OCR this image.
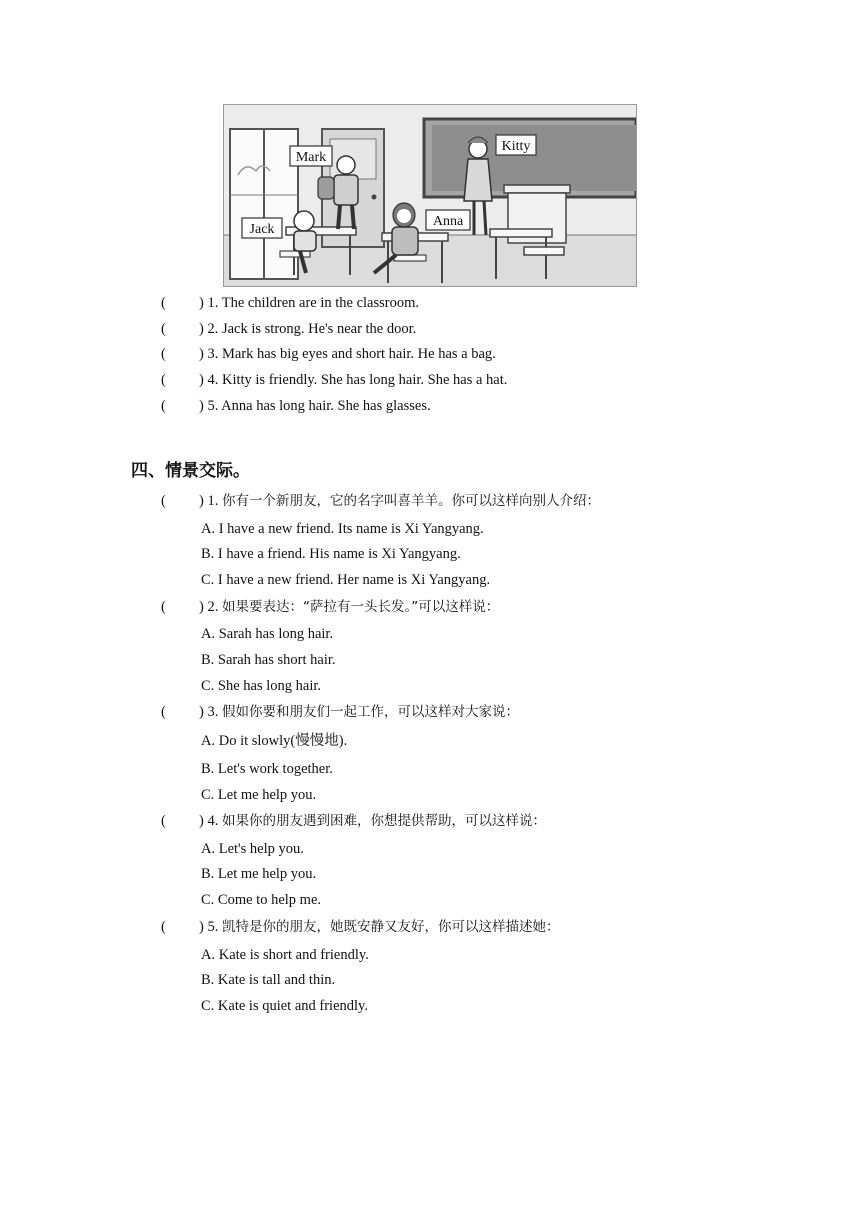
Mark
Kitty
Jack
Anna
( ) 1. The children are in the classroom.
( ) 2. Jack is strong. He's near the door.
( ) 3. Mark has big eyes and short hair. He has a bag.
( ) 4. Kitty is friendly. She has long hair. She has a hat.
( ) 5. Anna has long hair. She has glasses.
四、情景交际。
( ) 1. 你有一个新朋友，它的名字叫喜羊羊。你可以这样向别人介绍：
A. I have a new friend. Its name is Xi Yangyang.
B. I have a friend. His name is Xi Yangyang.
C. I have a new friend. Her name is Xi Yangyang.
( ) 2. 如果要表达：“萨拉有一头长发。”可以这样说：
A. Sarah has long hair.
B. Sarah has short hair.
C. She has long hair.
( ) 3. 假如你要和朋友们一起工作，可以这样对大家说：
A. Do it slowly(慢慢地).
B. Let's work together.
C. Let me help you.
( ) 4. 如果你的朋友遇到困难，你想提供帮助，可以这样说：
A. Let's help you.
B. Let me help you.
C. Come to help me.
( ) 5. 凯特是你的朋友，她既安静又友好，你可以这样描述她：
A. Kate is short and friendly.
B. Kate is tall and thin.
C. Kate is quiet and friendly.
